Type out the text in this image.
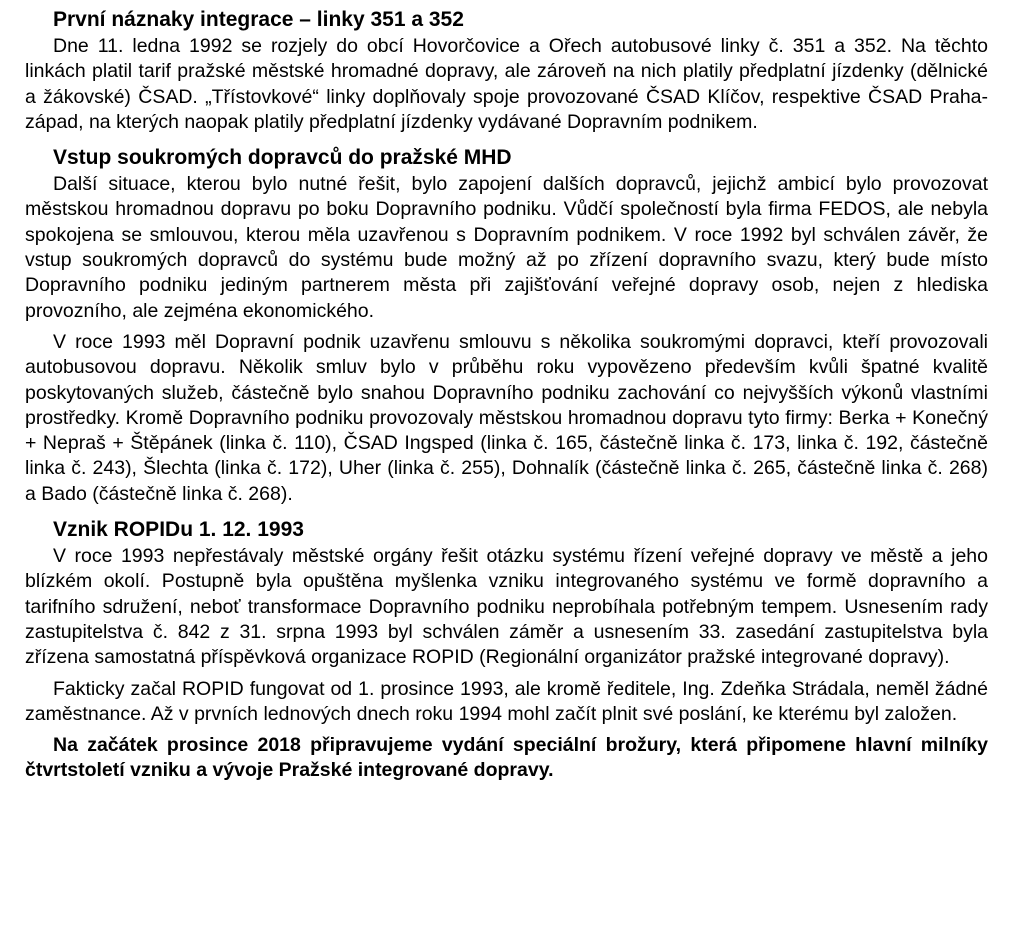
První náznaky integrace – linky 351 a 352

Dne 11. ledna 1992 se rozjely do obcí Hovorčovice a Ořech autobusové linky č. 351 a 352. Na těchto linkách platil tarif pražské městské hromadné dopravy, ale zároveň na nich platily předplatní jízdenky (dělnické a žákovské) ČSAD. „Třístovkové“ linky doplňovaly spoje provozované ČSAD Klíčov, respektive ČSAD Praha-západ, na kterých naopak platily předplatní jízdenky vydávané Dopravním podnikem.

Vstup soukromých dopravců do pražské MHD

Další situace, kterou bylo nutné řešit, bylo zapojení dalších dopravců, jejichž ambicí bylo provozovat městskou hromadnou dopravu po boku Dopravního podniku. Vůdčí společností byla firma FEDOS, ale nebyla spokojena se smlouvou, kterou měla uzavřenou s Dopravním podnikem. V roce 1992 byl schválen závěr, že vstup soukromých dopravců do systému bude možný až po zřízení dopravního svazu, který bude místo Dopravního podniku jediným partnerem města při zajišťování veřejné dopravy osob, nejen z hlediska provozního, ale zejména ekonomického.

V roce 1993 měl Dopravní podnik uzavřenu smlouvu s několika soukromými dopravci, kteří provozovali autobusovou dopravu. Několik smluv bylo v průběhu roku vypovězeno především kvůli špatné kvalitě poskytovaných služeb, částečně bylo snahou Dopravního podniku zachování co nejvyšších výkonů vlastními prostředky. Kromě Dopravního podniku provozovaly městskou hromadnou dopravu tyto firmy: Berka + Konečný + Nepraš + Štěpánek (linka č. 110), ČSAD Ingsped (linka č. 165, částečně linka č. 173, linka č. 192, částečně linka č. 243), Šlechta (linka č. 172), Uher (linka č. 255), Dohnalík (částečně linka č. 265, částečně linka č. 268) a Bado (částečně linka č. 268).

Vznik ROPIDu 1. 12. 1993

V roce 1993 nepřestávaly městské orgány řešit otázku systému řízení veřejné dopravy ve městě a jeho blízkém okolí. Postupně byla opuštěna myšlenka vzniku integrovaného systému ve formě dopravního a tarifního sdružení, neboť transformace Dopravního podniku neprobíhala potřebným tempem. Usnesením rady zastupitelstva č. 842 z 31. srpna 1993 byl schválen záměr a usnesením 33. zasedání zastupitelstva byla zřízena samostatná příspěvková organizace ROPID (Regionální organizátor pražské integrované dopravy).

Fakticky začal ROPID fungovat od 1. prosince 1993, ale kromě ředitele, Ing. Zdeňka Strádala, neměl žádné zaměstnance. Až v prvních lednových dnech roku 1994 mohl začít plnit své poslání, ke kterému byl založen.

Na začátek prosince 2018 připravujeme vydání speciální brožury, která připomene hlavní milníky čtvrtstoletí vzniku a vývoje Pražské integrované dopravy.
